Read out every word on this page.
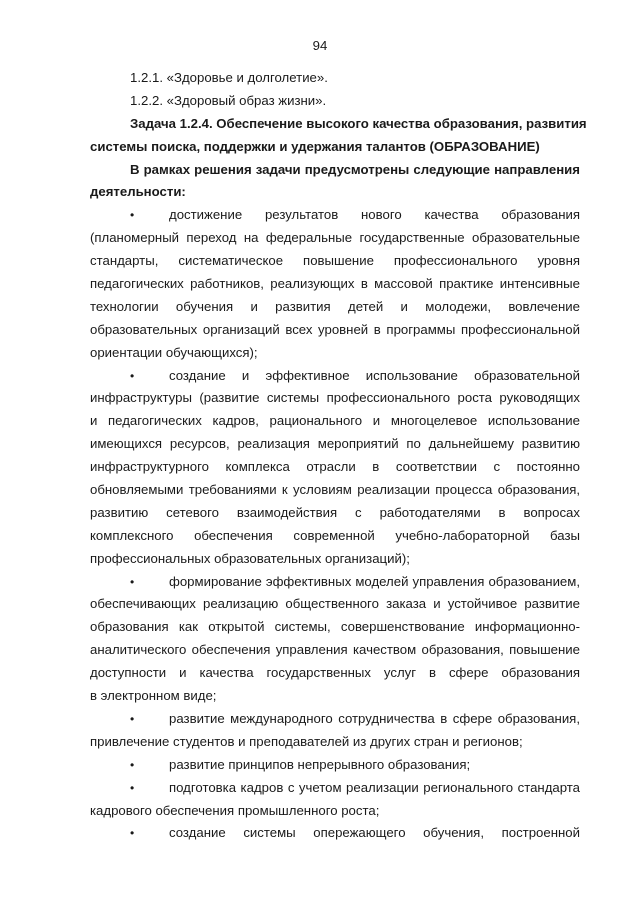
94
1.2.1. «Здоровье и долголетие».
1.2.2. «Здоровый образ жизни».
Задача 1.2.4. Обеспечение высокого качества образования, развития
системы поиска, поддержки и удержания талантов (ОБРАЗОВАНИЕ)
В рамках решения задачи предусмотрены следующие направления
деятельности:
•	достижение результатов нового качества образования
(планомерный переход на федеральные государственные образовательные
стандарты, систематическое повышение профессионального уровня
педагогических работников, реализующих в массовой практике интенсивные
технологии обучения и развития детей и молодежи, вовлечение
образовательных организаций всех уровней в программы профессиональной
ориентации обучающихся);
•	создание и эффективное использование образовательной
инфраструктуры (развитие системы профессионального роста руководящих
и педагогических кадров, рационального и многоцелевое использование
имеющихся ресурсов, реализация мероприятий по дальнейшему развитию
инфраструктурного комплекса отрасли в соответствии с постоянно
обновляемыми требованиями к условиям реализации процесса образования,
развитию сетевого взаимодействия с работодателями в вопросах
комплексного обеспечения современной учебно-лабораторной базы
профессиональных образовательных организаций);
•	формирование эффективных моделей управления образованием,
обеспечивающих реализацию общественного заказа и устойчивое развитие
образования как открытой системы, совершенствование информационно-
аналитического обеспечения управления качеством образования, повышение
доступности и качества государственных услуг в сфере образования
в электронном виде;
•	развитие международного сотрудничества в сфере образования,
привлечение студентов и преподавателей из других стран и регионов;
•	развитие принципов непрерывного образования;
•	подготовка кадров с учетом реализации регионального стандарта
кадрового обеспечения промышленного роста;
•	создание системы опережающего обучения, построенной
